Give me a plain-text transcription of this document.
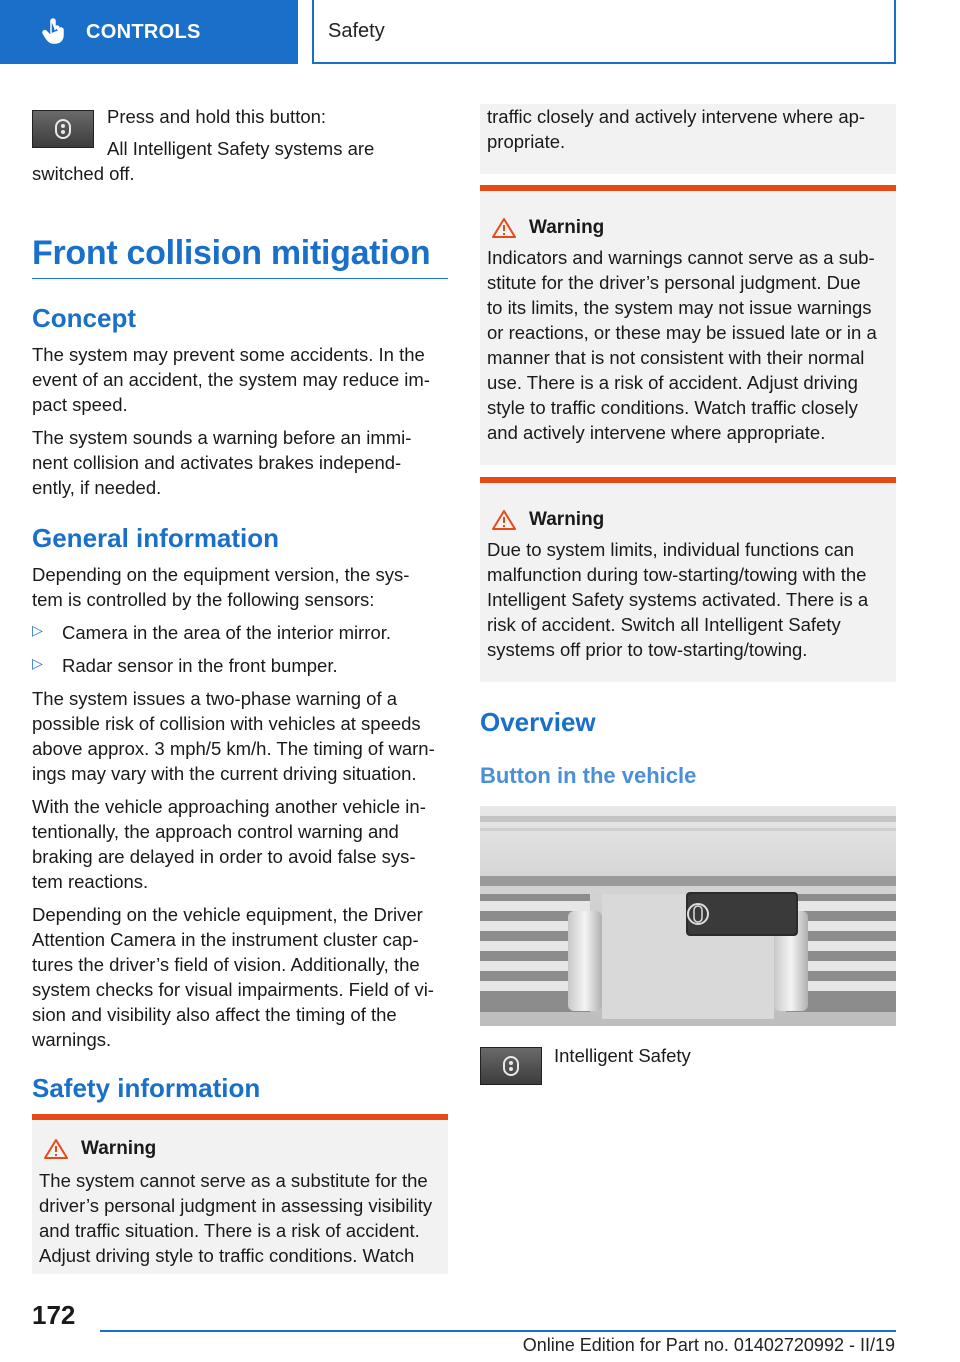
CONTROLS	Safety

Press and hold this button:

All Intelligent Safety systems are

switched off.

Front collision mitigation
Concept

The system may prevent some accidents. In the

event of an accident, the system may reduce im-

pact speed.

The system sounds a warning before an immi-

nent collision and activates brakes independ-

ently, if needed.

General information

Depending on the equipment version, the sys-

tem is controlled by the following sensors:

▷	Camera in the area of the interior mirror.

▷	Radar sensor in the front bumper.

The system issues a two-phase warning of a

possible risk of collision with vehicles at speeds

above approx. 3 mph/5 km/h. The timing of warn-

ings may vary with the current driving situation.

With the vehicle approaching another vehicle in-

tentionally, the approach control warning and

braking are delayed in order to avoid false sys-

tem reactions.

Depending on the vehicle equipment, the Driver

Attention Camera in the instrument cluster cap-

tures the driver’s field of vision. Additionally, the

system checks for visual impairments. Field of vi-

sion and visibility also affect the timing of the

warnings.

Safety information
Warning

The system cannot serve as a substitute for the

driver’s personal judgment in assessing visibility

and traffic situation. There is a risk of accident.

Adjust driving style to traffic conditions. Watch

traffic closely and actively intervene where ap-

propriate.

Warning

Indicators and warnings cannot serve as a sub-

stitute for the driver’s personal judgment. Due

to its limits, the system may not issue warnings

or reactions, or these may be issued late or in a

manner that is not consistent with their normal

use. There is a risk of accident. Adjust driving

style to traffic conditions. Watch traffic closely

and actively intervene where appropriate.

Warning

Due to system limits, individual functions can

malfunction during tow-starting/towing with the

Intelligent Safety systems activated. There is a

risk of accident. Switch all Intelligent Safety

systems off prior to tow-starting/towing.

Overview
Button in the vehicle

Intelligent Safety

172
Online Edition for Part no. 01402720992 - II/19
